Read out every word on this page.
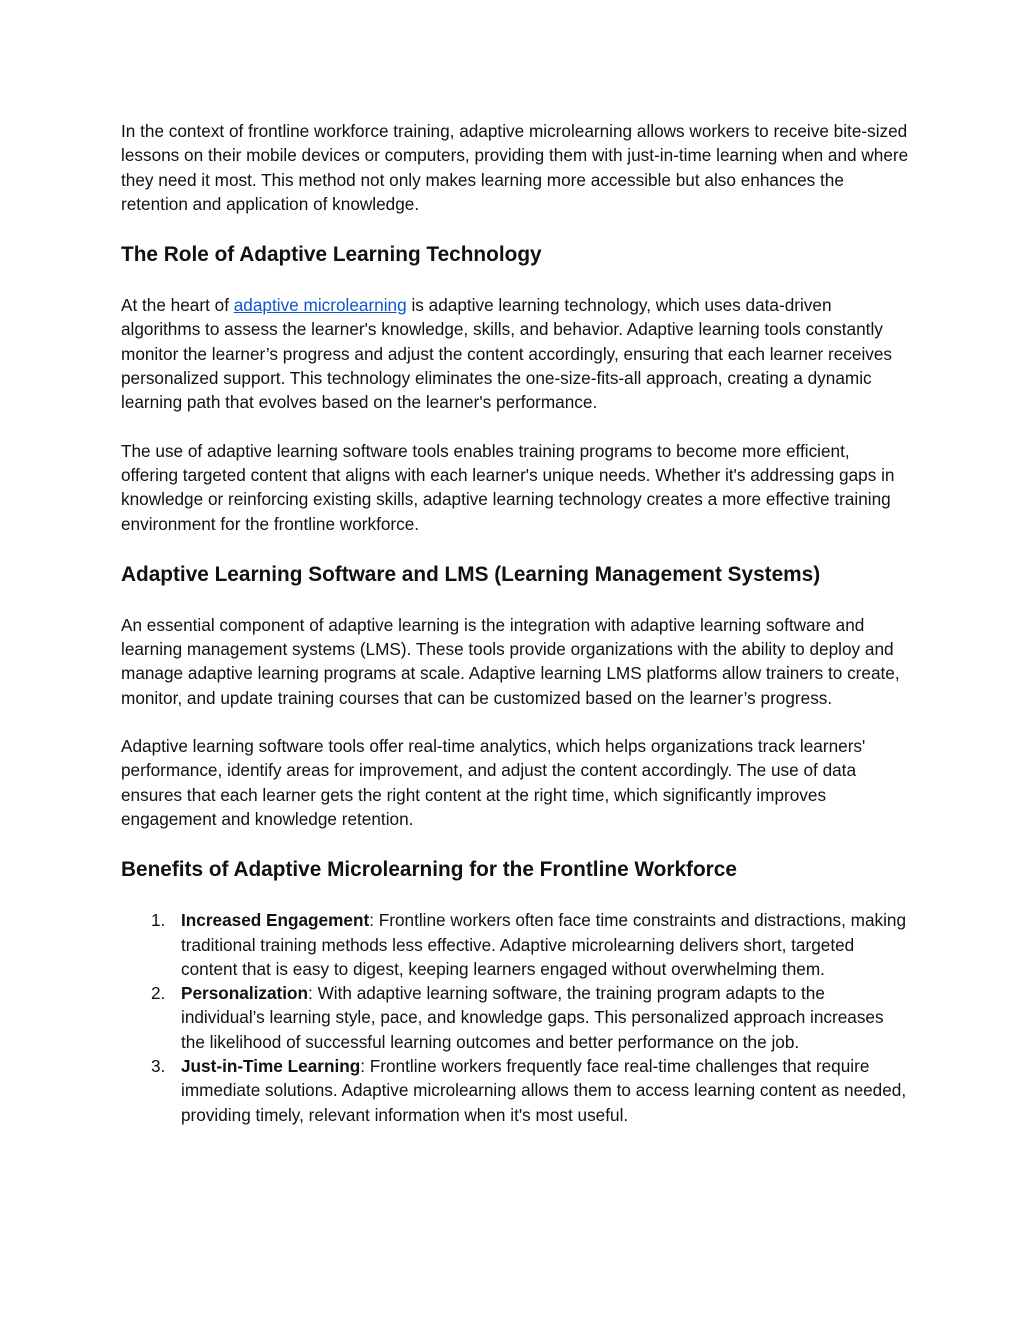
In the context of frontline workforce training, adaptive microlearning allows workers to receive bite-sized lessons on their mobile devices or computers, providing them with just-in-time learning when and where they need it most. This method not only makes learning more accessible but also enhances the retention and application of knowledge.

The Role of Adaptive Learning Technology

At the heart of adaptive microlearning is adaptive learning technology, which uses data-driven algorithms to assess the learner's knowledge, skills, and behavior. Adaptive learning tools constantly monitor the learner’s progress and adjust the content accordingly, ensuring that each learner receives personalized support. This technology eliminates the one-size-fits-all approach, creating a dynamic learning path that evolves based on the learner's performance.

The use of adaptive learning software tools enables training programs to become more efficient, offering targeted content that aligns with each learner's unique needs. Whether it's addressing gaps in knowledge or reinforcing existing skills, adaptive learning technology creates a more effective training environment for the frontline workforce.

Adaptive Learning Software and LMS (Learning Management Systems)

An essential component of adaptive learning is the integration with adaptive learning software and learning management systems (LMS). These tools provide organizations with the ability to deploy and manage adaptive learning programs at scale. Adaptive learning LMS platforms allow trainers to create, monitor, and update training courses that can be customized based on the learner’s progress.

Adaptive learning software tools offer real-time analytics, which helps organizations track learners' performance, identify areas for improvement, and adjust the content accordingly. The use of data ensures that each learner gets the right content at the right time, which significantly improves engagement and knowledge retention.

Benefits of Adaptive Microlearning for the Frontline Workforce
1. Increased Engagement: Frontline workers often face time constraints and distractions, making traditional training methods less effective. Adaptive microlearning delivers short, targeted content that is easy to digest, keeping learners engaged without overwhelming them.
2. Personalization: With adaptive learning software, the training program adapts to the individual’s learning style, pace, and knowledge gaps. This personalized approach increases the likelihood of successful learning outcomes and better performance on the job.
3. Just-in-Time Learning: Frontline workers frequently face real-time challenges that require immediate solutions. Adaptive microlearning allows them to access learning content as needed, providing timely, relevant information when it's most useful.
